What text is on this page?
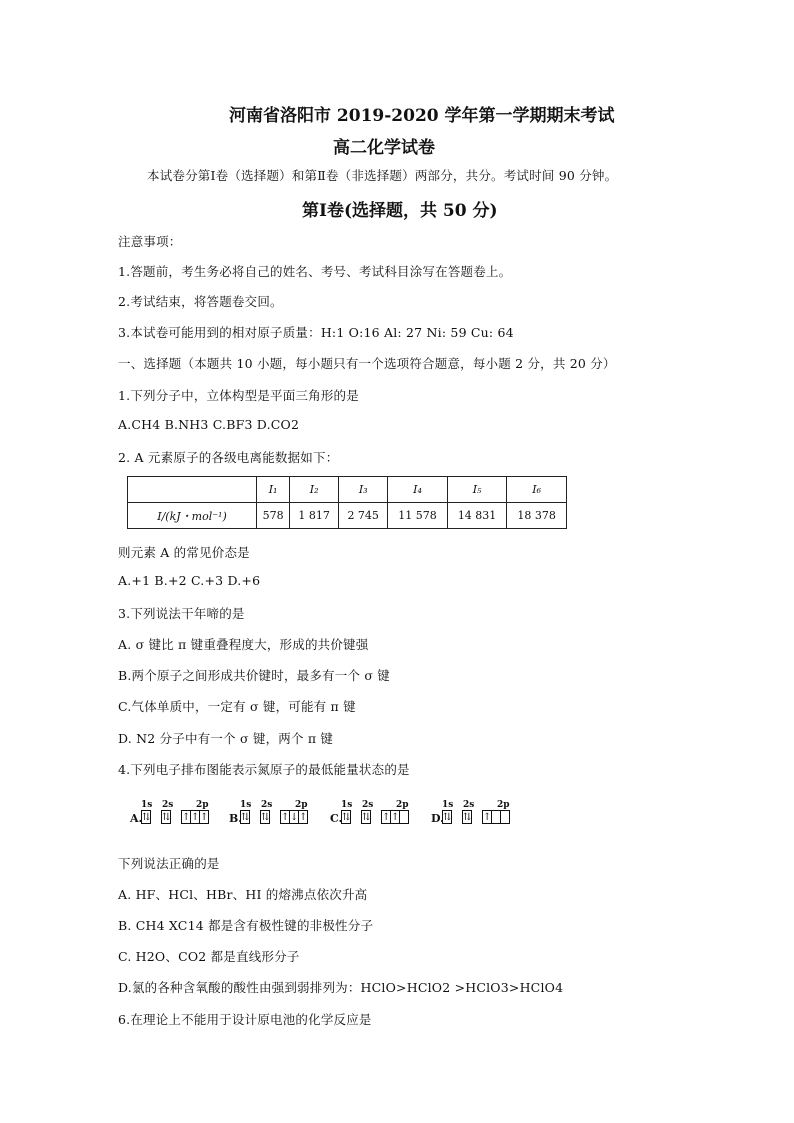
河南省洛阳市 2019-2020 学年第一学期期末考试
高二化学试卷
本试卷分第Ⅰ卷（选择题）和第Ⅱ卷（非选择题）两部分，共分。考试时间 90 分钟。
第Ⅰ卷(选择题，共 50 分)
注意事项：
1.答题前，考生务必将自己的姓名、考号、考试科目涂写在答题卷上。
2.考试结束，将答题卷交回。
3.本试卷可能用到的相对原子质量：H:1 O:16 Al: 27 Ni: 59 Cu: 64
一、选择题（本题共 10 小题，每小题只有一个选项符合题意，每小题 2 分，共 20 分）
1.下列分子中，立体构型是平面三角形的是
A.CH4 B.NH3 C.BF3 D.CO2
2. A 元素原子的各级电离能数据如下：
	I₁	I₂	I₃	I₄	I₅	I₆
I/(kJ・mol⁻¹)	578	1 817	2 745	11 578	14 831	18 378
则元素 A 的常见价态是
A.+1 B.+2 C.+3 D.+6
3.下列说法干年啼的是
A. σ 键比 π 键重叠程度大，形成的共价键强
B.两个原子之间形成共价键时，最多有一个 σ 键
C.气体单质中，一定有 σ 键，可能有 π 键
D. N2 分子中有一个 σ 键，两个 π 键
4.下列电子排布图能表示氮原子的最低能量状态的是
A.
1s 2s	2p
⇅ ⇅ ↑ ↑ ↑ B.
1s 2s	2p
⇅ ⇅ ↑ ↓ ↑ C.
1s 2s	2p
⇅ ⇅ ↑ ↑	D.
1s 2s	2p
⇅ ⇅ ↑
下列说法正确的是
A. HF、HCl、HBr、HI 的熔沸点依次升高
B. CH4 XC14 都是含有极性键的非极性分子
C. H2O、CO2 都是直线形分子
D.氯的各种含氧酸的酸性由强到弱排列为：HClO>HClO2 >HClO3>HClO4
6.在理论上不能用于设计原电池的化学反应是
